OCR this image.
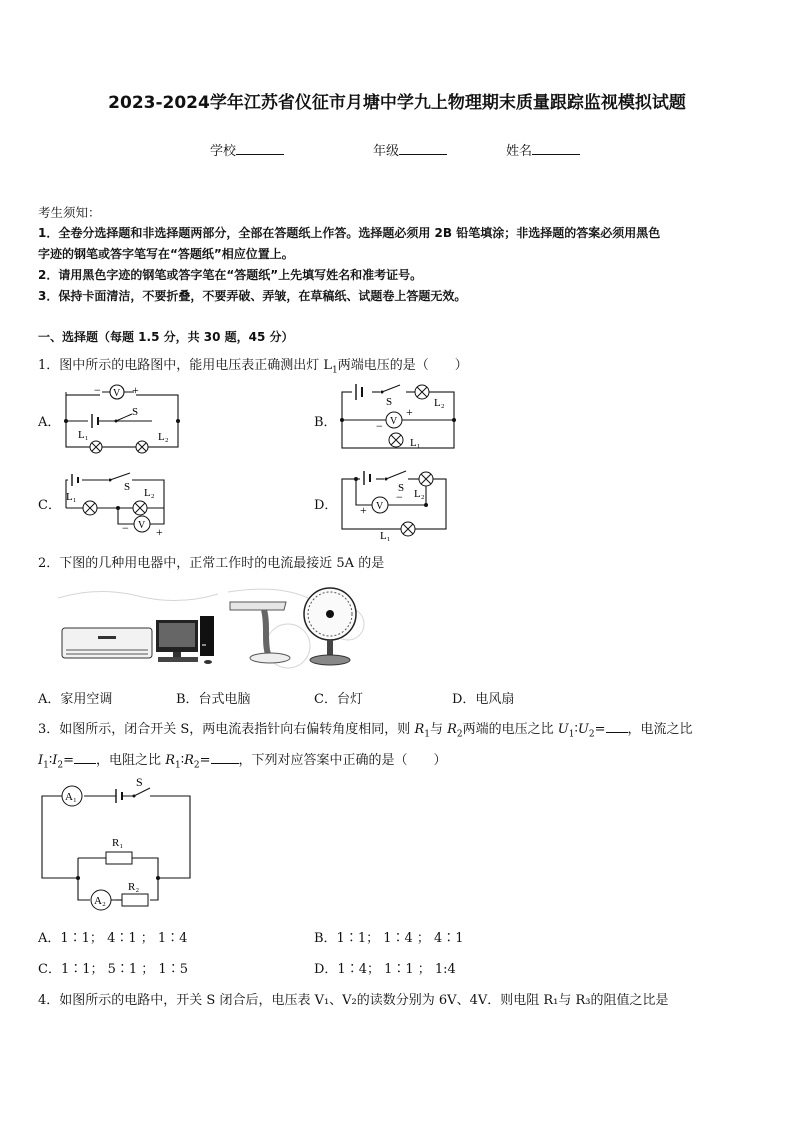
2023-2024学年江苏省仪征市月塘中学九上物理期末质量跟踪监视模拟试题
学校	年级	姓名
考生须知：
1．全卷分选择题和非选择题两部分，全部在答题纸上作答。选择题必须用 2B 铅笔填涂；非选择题的答案必须用黑色
字迹的钢笔或答字笔写在“答题纸”相应位置上。
2．请用黑色字迹的钢笔或答字笔在“答题纸”上先填写姓名和准考证号。
3．保持卡面清洁，不要折叠，不要弄破、弄皱，在草稿纸、试题卷上答题无效。
一、选择题（每题 1.5 分，共 30 题，45 分）
1．图中所示的电路图中，能用电压表正确测出灯 $L_1$两端电压的是（　　）
A．	B．
C．	D．
V
−	+
S
L₁	L₂
S	L₂
V
−
+
L₁
S
L₁	L₂
V
− +
S L₂
V
+
−
L₁
2．下图的几种用电器中，正常工作时的电流最接近 5A 的是
A．家用空调	B．台式电脑	C．台灯	D．电风扇
3．如图所示，闭合开关 S，两电流表指针向右偏转角度相同，则 $R_1$与 $R_2$两端的电压之比 $U_1∶U_2=$ ，电流之比
$I_1∶I_2=$ ，电阻之比 $R_1∶R_2=$ ，下列对应答案中正确的是（　　）
A₁
S
R₁
A₂
R₂
A．1∶1； 4∶1 ； 1∶4	B．1∶1； 1∶4 ； 4∶1
C．1∶1； 5∶1 ； 1∶5	D．1∶4； 1∶1 ； 1:4
4．如图所示的电路中，开关 S 闭合后，电压表 V₁、V₂的读数分别为 6V、4V．则电阻 R₁与 R₃的阻值之比是
